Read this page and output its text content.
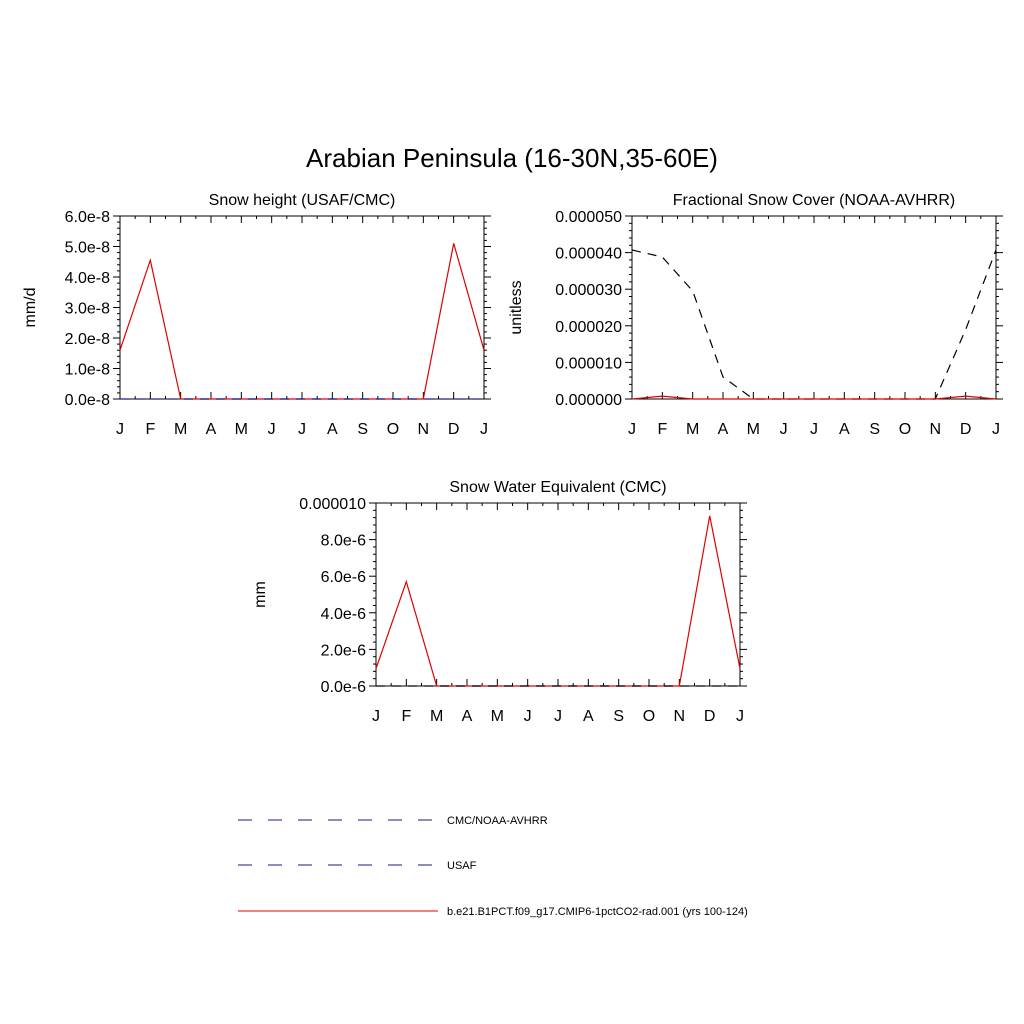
Arabian Peninsula (16-30N,35-60E)
Snow height (USAF/CMC)
mm/d
J F M A M J J A S O N D J
0.0e-8
1.0e-8
2.0e-8
3.0e-8
4.0e-8
5.0e-8
6.0e-8
Fractional Snow Cover (NOAA-AVHRR)
unitless
J F M A M J J A S O N D J
0.000000
0.000010
0.000020
0.000030
0.000040
0.000050
Snow Water Equivalent (CMC)
mm
J F M A M J J A S O N D J
0.0e-6
2.0e-6
4.0e-6
6.0e-6
8.0e-6
0.000010
CMC/NOAA-AVHRR
USAF
b.e21.B1PCT.f09_g17.CMIP6-1pctCO2-rad.001 (yrs 100-124)
